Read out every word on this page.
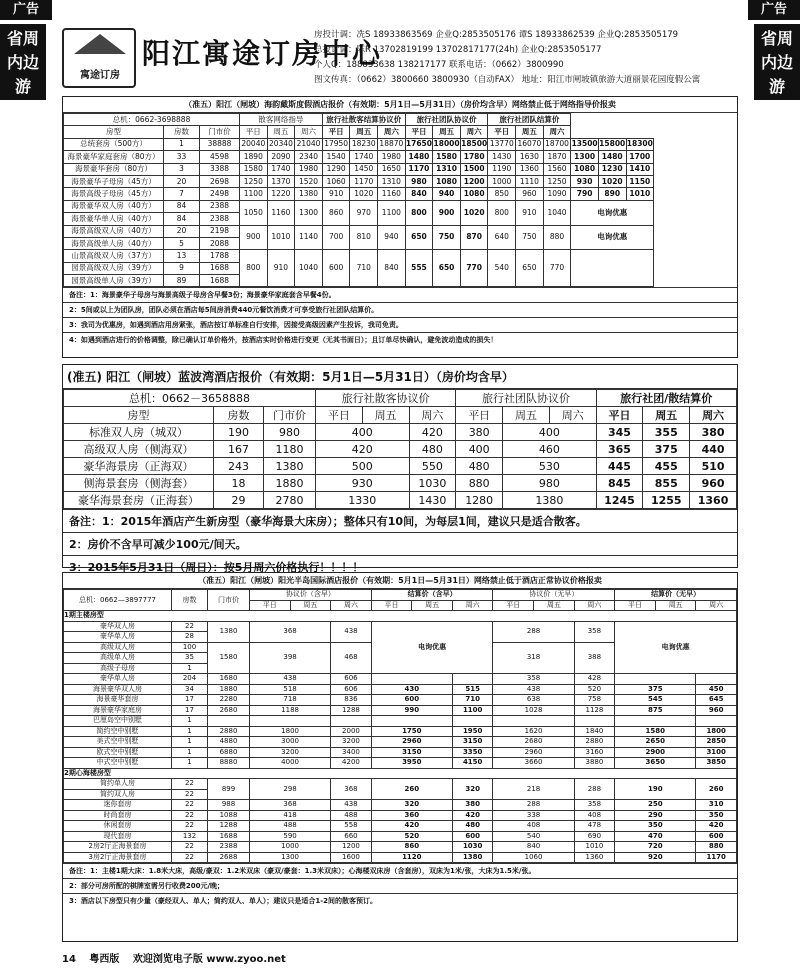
广告	广告
省周内边游
省周内边游
寓途订房
阳江寓途订房中心
房投计调：冼S 18933863569 企业Q:2853505176 谭S 18933862539 企业Q:2853505179
总投计调：陈R 13702819199 13702817177(24h) 企业Q:2853505177
个人Q：188833638 138217177 联系电话：（0662）3800990
图文传真：（0662）3800660 3800930（自动FAX） 地址：阳江市闸坡镇旅游大道丽景花园度假公寓
（准五）阳江（闸坡）海韵戴斯度假酒店报价（有效期：5月1日—5月31日）（房价均含早）网络禁止低于网络指导价报卖
总机：0662-3698888			散客网络指导			旅行社散客结算协议价			旅行社团队协议价			旅行社团队结算价					
房型	房数	门市价	平日	周五	周六	平日	周五	周六	平日	周五	周六	平日	周五	周六			
总统套房（500方）	1	38888	20040	20340	21040	17950	18230	18870	17650	18000	18500	13770	16070	18700	13500	15800	18300
海景豪华家庭套房（80方）	33	4598	1890	2090	2340	1540	1740	1980	1480	1580	1780	1430	1630	1870	1300	1480	1700
海景豪华套房（80方）	3	3388	1580	1740	1980	1290	1450	1650	1170	1310	1500	1190	1360	1560	1080	1230	1410
海景豪华子母房（45方）	20	2698	1250	1370	1520	1060	1170	1310	980	1080	1200	1000	1110	1250	930	1020	1150
海景高级子母房（45方）	7	2498	1100	1220	1380	910	1020	1160	840	940	1080	850	960	1090	790	890	1010
海景豪华双人房（40方）	84	2388	1050	1160	1300	860	970	1100	800	900	1020	800	910	1040	电询优惠		
海景豪华单人房（40方）	84	2388															
海景高级双人房（40方）	20	2198	900	1010	1140	700	810	940	650	750	870	640	750	880	电询优惠		
海景高级单人房（40方）	5	2088															
山景高级双人房（37方）	13	1788	800	910	1040	600	710	840	555	650	770	540	650	770			
园景高级双人房（39方）	9	1688															
园景高级单人房（39方）	89	1688															
备注：1：海景豪华子母房与海景高级子母房含早餐3份；海景豪华家庭套含早餐4份。
2：5间或以上为团队房，团队必须在酒店每5间房消费440元餐饮消费才可享受旅行社团队结算价。
3：我司为优惠房，如遇到酒店用房紧张，酒店按订单标准自行安排，因接受高级因素产生投诉，我司免责。
4：如遇到酒店进行的价格调整，除已确认订单价格外，按酒店实时价格进行变更（无其书面日）；且订单尽快确认，避免波动造成的损失！
(准五) 阳江（闸坡）蓝波湾酒店报价（有效期：5月1日—5月31日）（房价均含早）
总机：0662－3658888			旅行社散客协议价			旅行社团队协议价			旅行社团/散结算价		
房型	房数	门市价	平日	周五	周六	平日	周五	周六	平日	周五	周六
标准双人房（城双）	190	980	400		420	380	400		345	355	380
高级双人房（侧海双）	167	1180	420		480	400	460		365	375	440
豪华海景房（正海双）	243	1380	500		550	480	530		445	455	510
侧海景套房（侧海套）	18	1880	930		1030	880	980		845	855	960
豪华海景套房（正海套）	29	2780	1330		1430	1280	1380		1245	1255	1360
备注：1：2015年酒店产生新房型（豪华海景大床房）；整体只有10间，为每层1间，建议只是适合散客。
2：房价不含早可减少100元/间天。
3：2015年5月31日（周日）：按5月周六价格执行！！！！
（准五）阳江（闸坡）阳光半岛国际酒店报价（有效期：5月1日—5月31日）网络禁止低于酒店正常协议价格报卖
总机：0662—3897777	房数	门市价	协议价（含早）			结算价（含早）			协议价（无早）			结算价（无早）		
			平日	周五	周六	平日	周五	周六	平日	周五	周六	平日	周五	周六
1期主楼房型														
豪华双人房	22	1380	368		438	电询优惠			288		358	电询优惠		
豪华单人房	28													
高级双人房	100	1580	398		468				318		388			
高级单人房	35													
高级子母房	1													
豪华单人房	204	1680	438		606				358		428			
海景豪华双人房	34	1880	518		606	430		515	438		520	375		450
海景豪华套房	17	2280	718		836	600		710	638		758	545		645
海景豪华家庭房	17	2680	1188		1288	990		1100	1028		1128	875		960
巴厘岛空中别墅	1													
简约空中别墅	1	2880	1800		2000	1750		1950	1620		1840	1580		1800
美式空中别墅	1	4880	3000		3200	2960		3150	2680		2880	2650		2850
欧式空中别墅	1	6880	3200		3400	3150		3350	2960		3160	2900		3100
中式空中别墅	1	8880	4000		4200	3950		4150	3660		3880	3650		3850
2期心海楼房型														
简约单人房	22	899	298		368	260		320	218		288	190		260
简约双人房	22													
迷你套房	22	988	368		438	320		380	288		358	250		310
时尚套房	22	1088	418		488	360		420	338		408	290		350
休闲套房	22	1288	488		558	420		480	408		478	350		420
现代套房	132	1688	590		660	520		600	540		690	470		600
2房2厅正海景套房	22	2388	1000		1200	860		1030	840		1010	720		880
3房2厅正海景套房	22	2688	1300		1600	1120		1380	1060		1360	920		1170
备注：1：主楼1期大床：1.8米大床，高级/豪双：1.2米双床（豪双/豪套：1.3米双床）；心海楼双床房（含套房），双床为1米/张，大床为1.5米/张。
2：部分可房所配的棋牌室需另行收费200元/晚；
3：酒店以下房型只有少量（豪经双人、单人；简约双人、单人）；建议只是适合1-2间的散客预订。
14 粤西版 欢迎浏览电子版 www.zyoo.net
